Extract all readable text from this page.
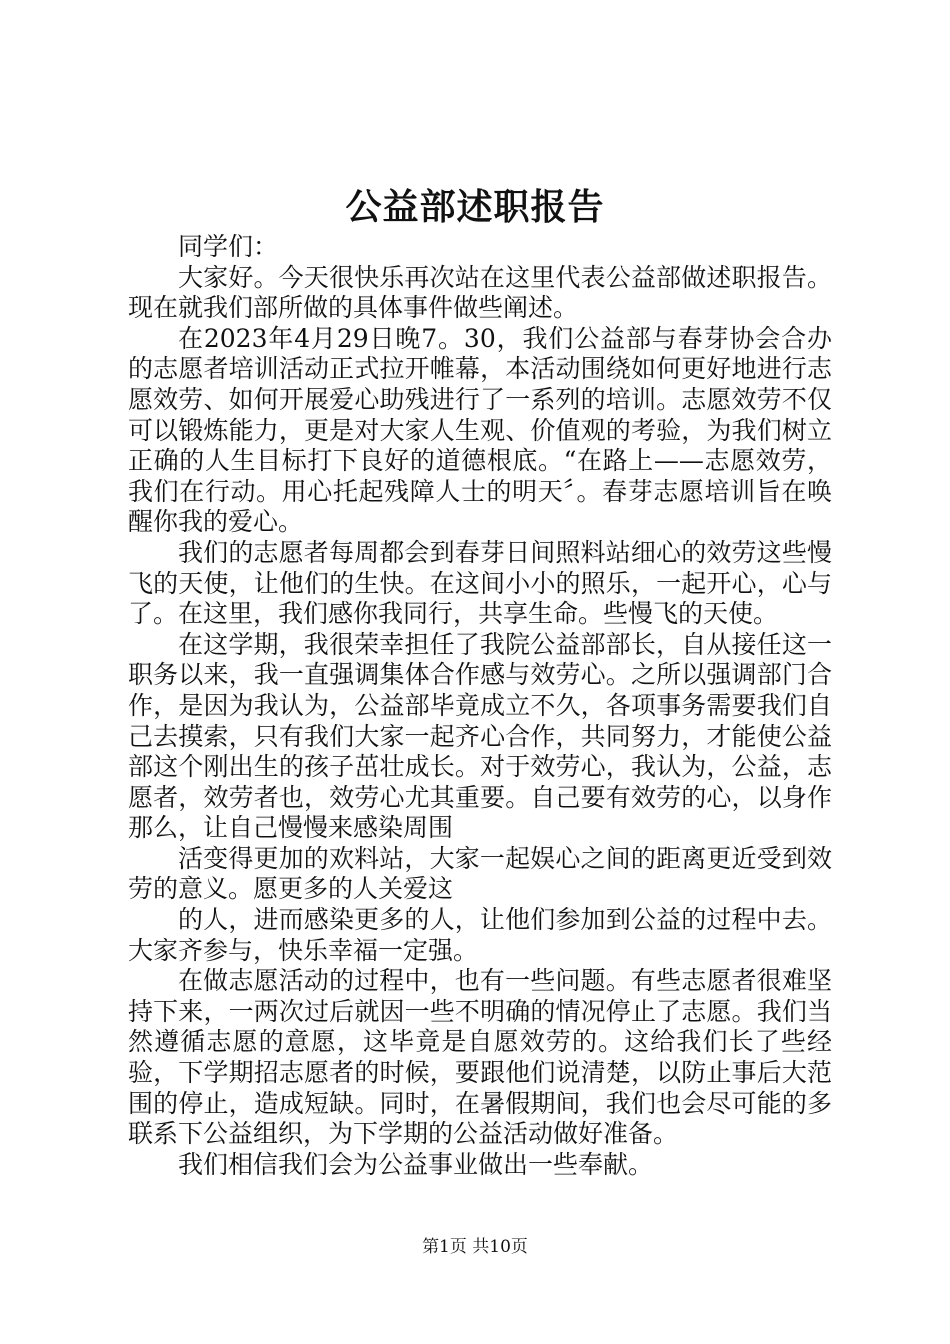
公益部述职报告

同学们：

大家好。今天很快乐再次站在这里代表公益部做述职报告。现在就我们部所做的具体事件做些阐述。

在2023年4月29日晚7。30，我们公益部与春芽协会合办的志愿者培训活动正式拉开帷幕，本活动围绕如何更好地进行志愿效劳、如何开展爱心助残进行了一系列的培训。志愿效劳不仅可以锻炼能力，更是对大家人生观、价值观的考验，为我们树立正确的人生目标打下良好的道德根底。“在路上——志愿效劳，我们在行动。用心托起残障人士的明天〞。春芽志愿培训旨在唤醒你我的爱心。

我们的志愿者每周都会到春芽日间照料站细心的效劳这些慢飞的天使，让他们的生快。在这间小小的照乐，一起开心，心与了。在这里，我们感你我同行，共享生命。些慢飞的天使。

在这学期，我很荣幸担任了我院公益部部长，自从接任这一职务以来，我一直强调集体合作感与效劳心。之所以强调部门合作，是因为我认为，公益部毕竟成立不久，各项事务需要我们自己去摸索，只有我们大家一起齐心合作，共同努力，才能使公益部这个刚出生的孩子茁壮成长。对于效劳心，我认为，公益，志愿者，效劳者也，效劳心尤其重要。自己要有效劳的心，以身作那么，让自己慢慢来感染周围

活变得更加的欢料站，大家一起娱心之间的距离更近受到效劳的意义。愿更多的人关爱这

的人，进而感染更多的人，让他们参加到公益的过程中去。大家齐参与，快乐幸福一定强。

在做志愿活动的过程中，也有一些问题。有些志愿者很难坚持下来，一两次过后就因一些不明确的情况停止了志愿。我们当然遵循志愿的意愿，这毕竟是自愿效劳的。这给我们长了些经验，下学期招志愿者的时候，要跟他们说清楚，以防止事后大范围的停止，造成短缺。同时，在暑假期间，我们也会尽可能的多联系下公益组织，为下学期的公益活动做好准备。

我们相信我们会为公益事业做出一些奉献。

第1页 共10页
